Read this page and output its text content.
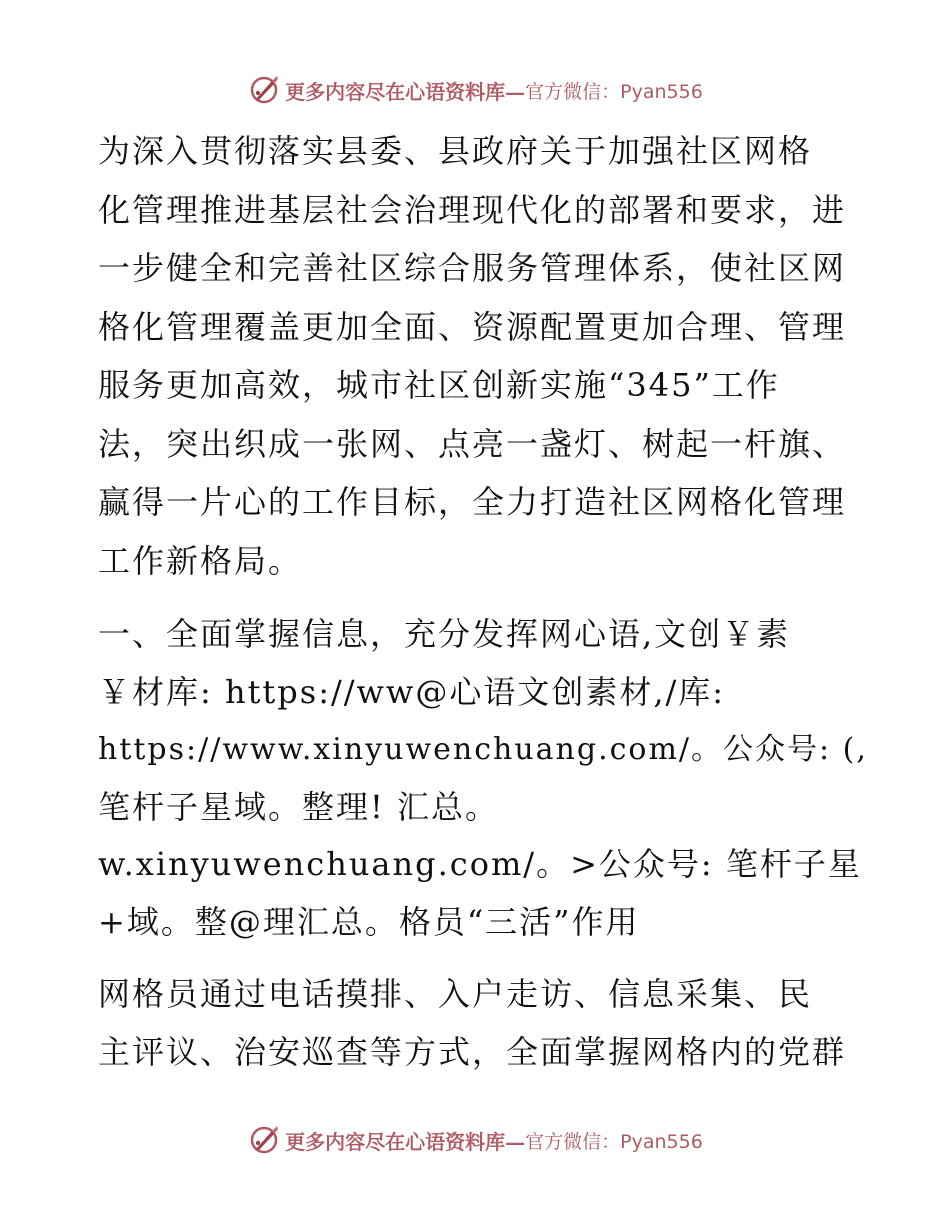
更多内容尽在心语资料库— 官方微信：Pyan556

为深入贯彻落实县委、县政府关于加强社区网格
化管理推进基层社会治理现代化的部署和要求，进
一步健全和完善社区综合服务管理体系，使社区网
格化管理覆盖更加全面、资源配置更加合理、管理
服务更加高效，城市社区创新实施“345”工作
法，突出织成一张网、点亮一盏灯、树起一杆旗、
赢得一片心的工作目标，全力打造社区网格化管理
工作新格局。

一、全面掌握信息，充分发挥网心语,文创￥素
￥材库: https://ww@心语文创素材,/库:
https://www.xinyuwenchuang.com/。公众号: (,
笔杆子星域。整理! 汇总。
w.xinyuwenchuang.com/。>公众号: 笔杆子星
+域。整@理汇总。格员“三活”作用

网格员通过电话摸排、入户走访、信息采集、民
主评议、治安巡查等方式，全面掌握网格内的党群

更多内容尽在心语资料库— 官方微信：Pyan556
